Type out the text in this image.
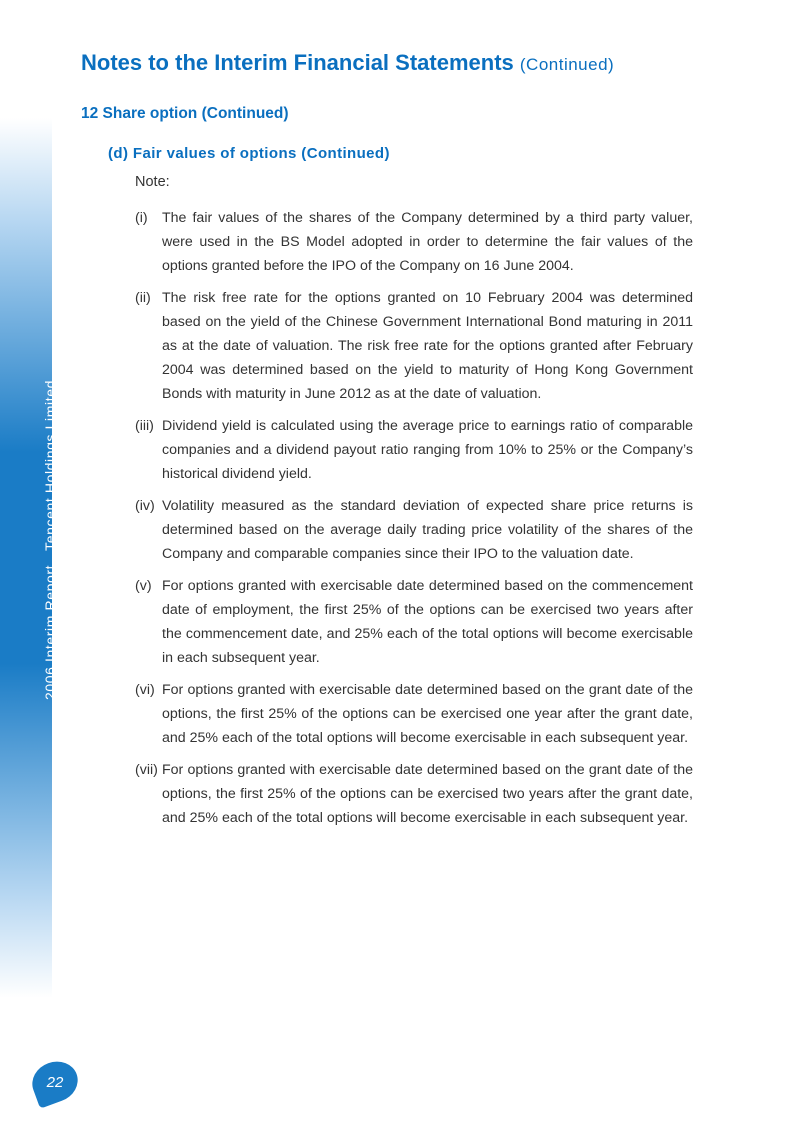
2006 Interim ReportTencent Holdings Limited
Notes to the Interim Financial Statements (Continued)
12 Share option (Continued)
(d) Fair values of options (Continued)

Note:

(i)	The fair values of the shares of the Company determined by a third party valuer, were used in the BS Model adopted in order to determine the fair values of the options granted before the IPO of the Company on 16 June 2004.
(ii) The risk free rate for the options granted on 10 February 2004 was determined based on the yield of the Chinese Government International Bond maturing in 2011 as at the date of valuation. The risk free rate for the options granted after February 2004 was determined based on the yield to maturity of Hong Kong Government Bonds with maturity in June 2012 as at the date of valuation.
(iii) Dividend yield is calculated using the average price to earnings ratio of comparable companies and a dividend payout ratio ranging from 10% to 25% or the Company’s historical dividend yield.
(iv) Volatility measured as the standard deviation of expected share price returns is determined based on the average daily trading price volatility of the shares of the Company and comparable companies since their IPO to the valuation date.
(v) For options granted with exercisable date determined based on the commencement date of employment, the first 25% of the options can be exercised two years after the commencement date, and 25% each of the total options will become exercisable in each subsequent year.
(vi) For options granted with exercisable date determined based on the grant date of the options, the first 25% of the options can be exercised one year after the grant date, and 25% each of the total options will become exercisable in each subsequent year.
(vii) For options granted with exercisable date determined based on the grant date of the options, the first 25% of the options can be exercised two years after the grant date, and 25% each of the total options will become exercisable in each subsequent year.
22
